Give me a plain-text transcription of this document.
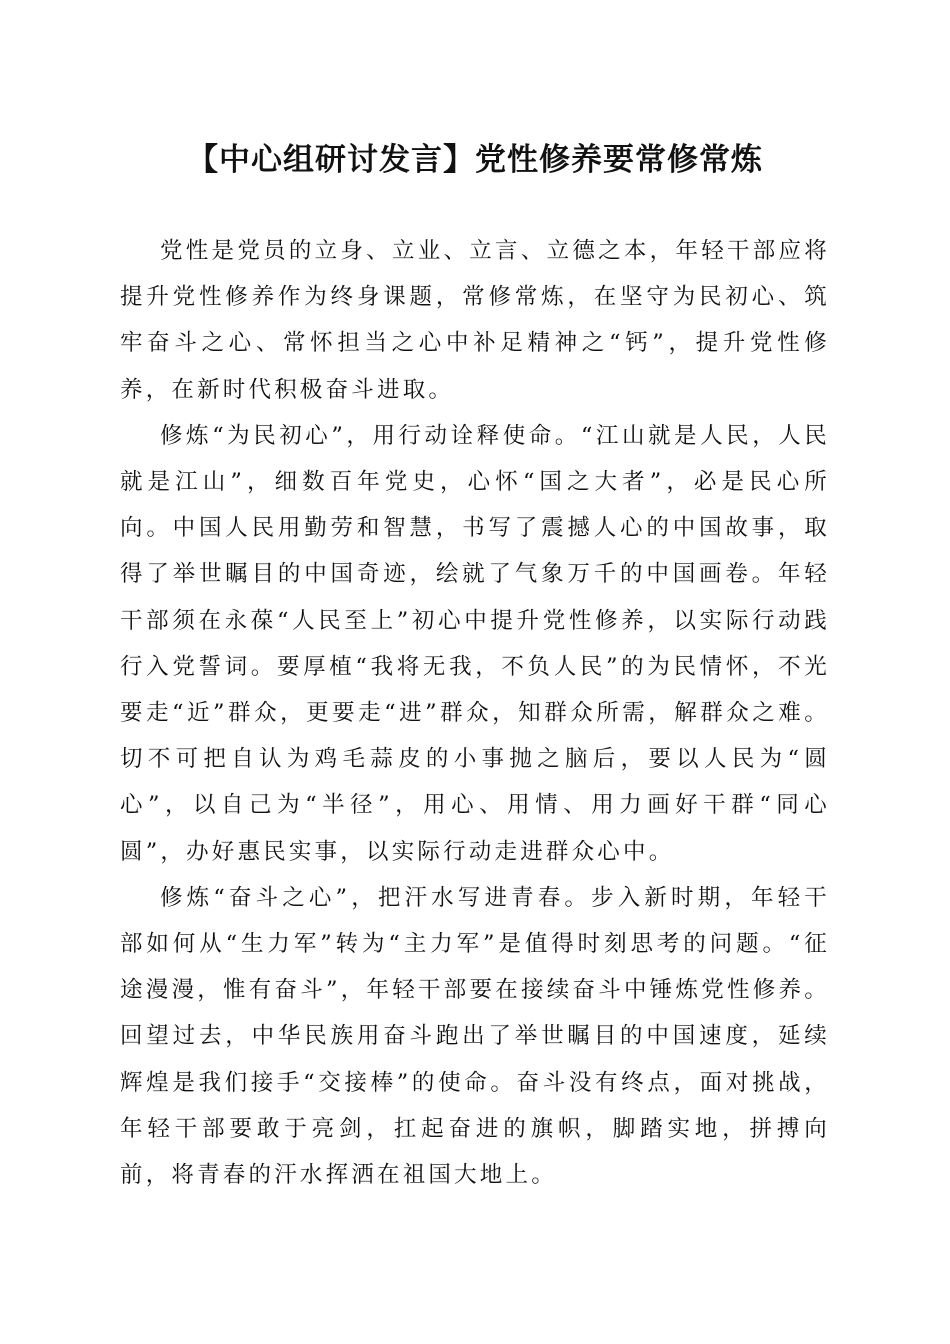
【中心组研讨发言】党性修养要常修常炼

党性是党员的立身、立业、立言、立德之本，年轻干部应将提升党性修养作为终身课题，常修常炼，在坚守为民初心、筑牢奋斗之心、常怀担当之心中补足精神之“钙”，提升党性修养，在新时代积极奋斗进取。

修炼“为民初心”，用行动诠释使命。“江山就是人民，人民就是江山”，细数百年党史，心怀“国之大者”，必是民心所向。中国人民用勤劳和智慧，书写了震撼人心的中国故事，取得了举世瞩目的中国奇迹，绘就了气象万千的中国画卷。年轻干部须在永葆“人民至上”初心中提升党性修养，以实际行动践行入党誓词。要厚植“我将无我，不负人民”的为民情怀，不光要走“近”群众，更要走“进”群众，知群众所需，解群众之难。切不可把自认为鸡毛蒜皮的小事抛之脑后，要以人民为“圆心”，以自己为“半径”，用心、用情、用力画好干群“同心圆”，办好惠民实事，以实际行动走进群众心中。

修炼“奋斗之心”，把汗水写进青春。步入新时期，年轻干部如何从“生力军”转为“主力军”是值得时刻思考的问题。“征途漫漫，惟有奋斗”，年轻干部要在接续奋斗中锤炼党性修养。回望过去，中华民族用奋斗跑出了举世瞩目的中国速度，延续辉煌是我们接手“交接棒”的使命。奋斗没有终点，面对挑战，年轻干部要敢于亮剑，扛起奋进的旗帜，脚踏实地，拼搏向前，将青春的汗水挥洒在祖国大地上。
